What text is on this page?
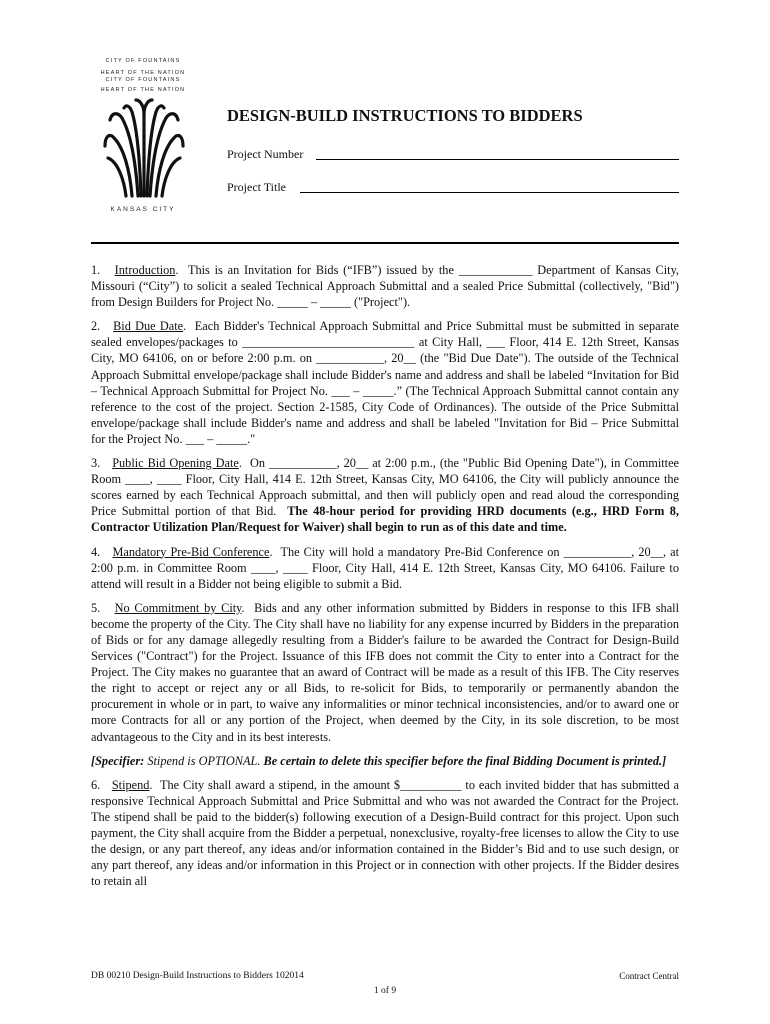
CITY OF FOUNTAINS
HEART OF THE NATION
CITY OF FOUNTAINS
HEART OF THE NATION
KANSAS CITY
DESIGN-BUILD INSTRUCTIONS TO BIDDERS
Project Number
Project Title

1. Introduction.  This is an Invitation for Bids (“IFB”) issued by the ____________ Department of Kansas City, Missouri (“City”) to solicit a sealed Technical Approach Submittal and a sealed Price Submittal (collectively, "Bid") from Design Builders for Project No. _____ – _____ ("Project").

2. Bid Due Date.  Each Bidder's Technical Approach Submittal and Price Submittal must be submitted in separate sealed envelopes/packages to ____________________________ at City Hall, ___ Floor, 414 E. 12th Street, Kansas City, MO 64106, on or before 2:00 p.m. on ___________, 20__ (the "Bid Due Date"). The outside of the Technical Approach Submittal envelope/package shall include Bidder's name and address and shall be labeled “Invitation for Bid – Technical Approach Submittal for Project No. ___ – _____.” (The Technical Approach Submittal cannot contain any reference to the cost of the project. Section 2-1585, City Code of Ordinances). The outside of the Price Submittal envelope/package shall include Bidder's name and address and shall be labeled "Invitation for Bid – Price Submittal for the Project No. ___ – _____."

3. Public Bid Opening Date.  On ___________, 20__ at 2:00 p.m., (the "Public Bid Opening Date"), in Committee Room ____, ____ Floor, City Hall, 414 E. 12th Street, Kansas City, MO 64106, the City will publicly announce the scores earned by each Technical Approach submittal, and then will publicly open and read aloud the corresponding Price Submittal portion of that Bid. The 48-hour period for providing HRD documents (e.g., HRD Form 8, Contractor Utilization Plan/Request for Waiver) shall begin to run as of this date and time.

4. Mandatory Pre-Bid Conference.  The City will hold a mandatory Pre-Bid Conference on ___________, 20__, at 2:00 p.m. in Committee Room ____, ____ Floor, City Hall, 414 E. 12th Street, Kansas City, MO 64106. Failure to attend will result in a Bidder not being eligible to submit a Bid.

5. No Commitment by City.  Bids and any other information submitted by Bidders in response to this IFB shall become the property of the City. The City shall have no liability for any expense incurred by Bidders in the preparation of Bids or for any damage allegedly resulting from a Bidder's failure to be awarded the Contract for Design-Build Services ("Contract") for the Project. Issuance of this IFB does not commit the City to enter into a Contract for the Project. The City makes no guarantee that an award of Contract will be made as a result of this IFB. The City reserves the right to accept or reject any or all Bids, to re-solicit for Bids, to temporarily or permanently abandon the procurement in whole or in part, to waive any informalities or minor technical inconsistencies, and/or to award one or more Contracts for all or any portion of the Project, when deemed by the City, in its sole discretion, to be most advantageous to the City and in its best interests.

[Specifier: Stipend is OPTIONAL. Be certain to delete this specifier before the final Bidding Document is printed.]

6. Stipend.  The City shall award a stipend, in the amount $__________ to each invited bidder that has submitted a responsive Technical Approach Submittal and Price Submittal and who was not awarded the Contract for the Project. The stipend shall be paid to the bidder(s) following execution of a Design-Build contract for this project. Upon such payment, the City shall acquire from the Bidder a perpetual, nonexclusive, royalty-free licenses to allow the City to use the design, or any part thereof, any ideas and/or information contained in the Bidder’s Bid and to use such design, or any part thereof, any ideas and/or information in this Project or in connection with other projects. If the Bidder desires to retain all

DB 00210 Design-Build Instructions to Bidders 102014	Contract Central
1 of 9
